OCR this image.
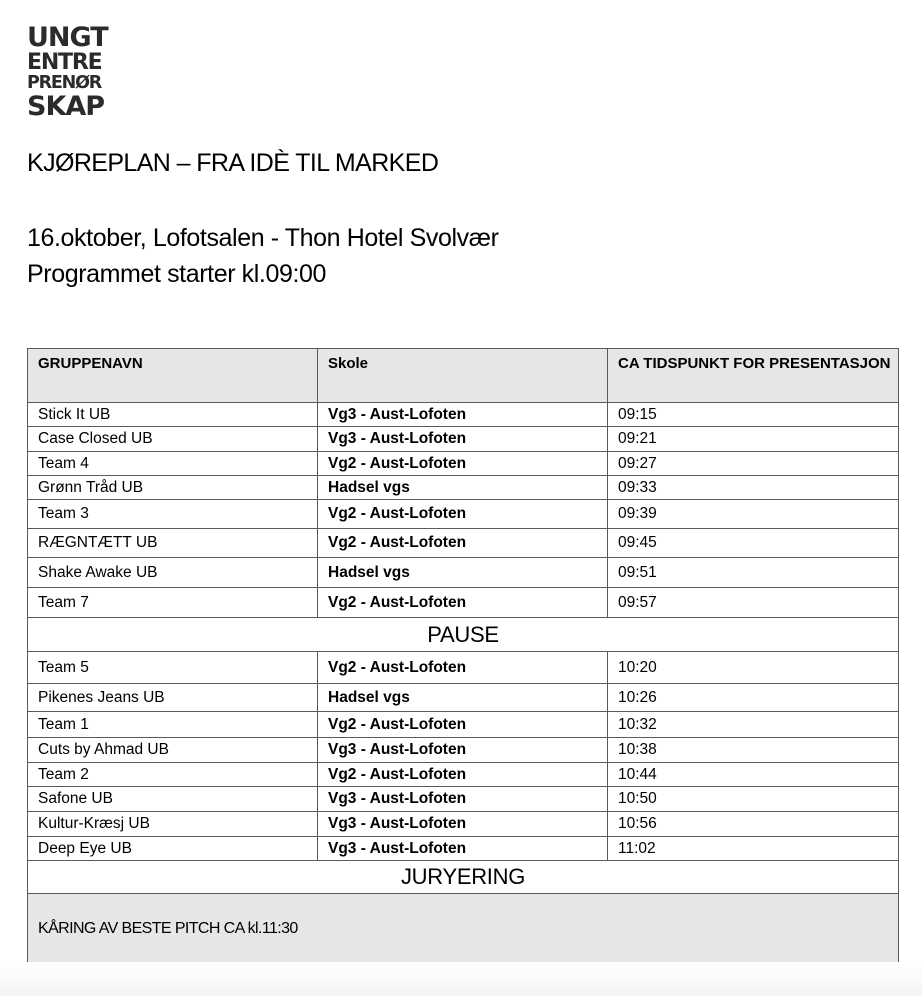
UNGT
ENTRE
PRENØR
SKAP
KJØREPLAN – FRA IDÈ TIL MARKED
16.oktober, Lofotsalen - Thon Hotel Svolvær
Programmet starter kl.09:00
GRUPPENAVN	Skole	CA TIDSPUNKT FOR PRESENTASJON
Stick It UB	Vg3 - Aust-Lofoten	09:15
Case Closed UB	Vg3 - Aust-Lofoten	09:21
Team 4	Vg2 - Aust-Lofoten	09:27
Grønn Tråd UB	Hadsel vgs	09:33
Team 3	Vg2 - Aust-Lofoten	09:39
RÆGNTÆTT UB	Vg2 - Aust-Lofoten	09:45
Shake Awake UB	Hadsel vgs	09:51
Team 7	Vg2 - Aust-Lofoten	09:57
PAUSE		
Team 5	Vg2 - Aust-Lofoten	10:20
Pikenes Jeans UB	Hadsel vgs	10:26
Team 1	Vg2 - Aust-Lofoten	10:32
Cuts by Ahmad UB	Vg3 - Aust-Lofoten	10:38
Team 2	Vg2 - Aust-Lofoten	10:44
Safone UB	Vg3 - Aust-Lofoten	10:50
Kultur-Kræsj UB	Vg3 - Aust-Lofoten	10:56
Deep Eye UB	Vg3 - Aust-Lofoten	11:02
JURYERING		
KÅRING AV BESTE PITCH CA kl.11:30		
